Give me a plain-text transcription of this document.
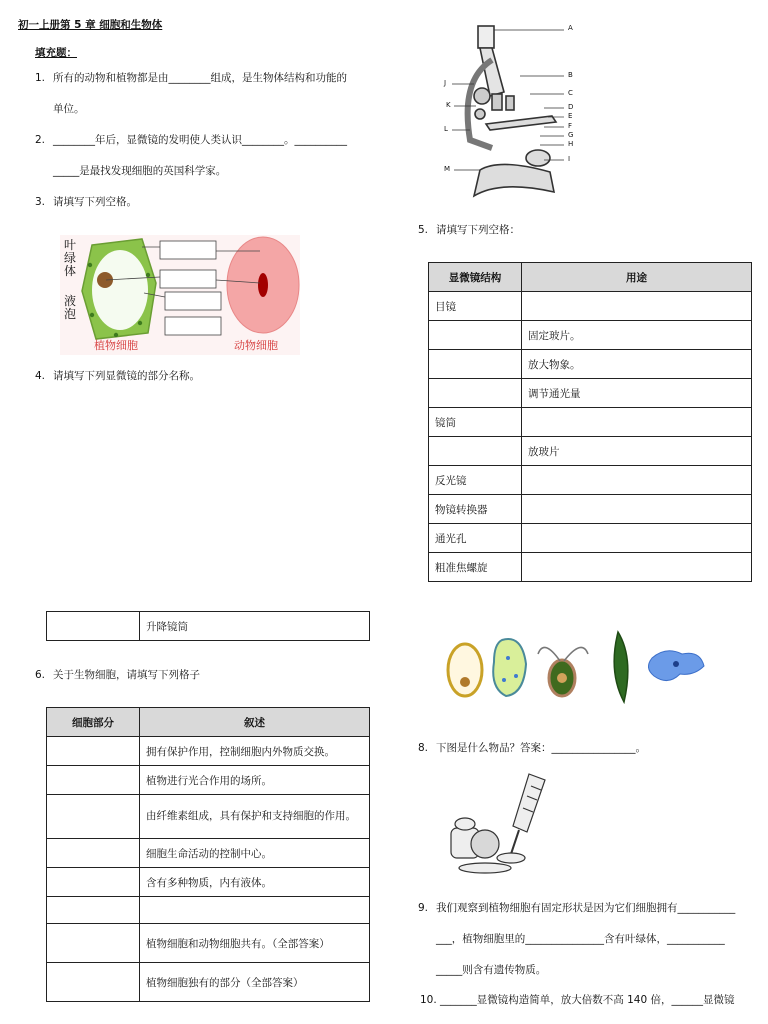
初一上册第 5 章 细胞和生物体
填充题：
1. 所有的动物和植物都是由________组成，是生物体结构和功能的
单位。
2. ________年后，显微镜的发明使人类认识________。__________
_____是最找发现细胞的英国科学家。
3. 请填写下列空格。
叶
绿
体
液
泡
植物细胞	动物细胞
4. 请填写下列显微镜的部分名称。
A
B
C
D
E
F
G
H
I
J
K
L
M
5. 请填写下列空格：
显微镜结构	用途
目镜	
	固定玻片。
	放大物象。
	调节通光量
镜筒	
	放玻片
反光镜	
物镜转换器	
通光孔	
粗准焦螺旋	
	升降镜筒
6. 关于生物细胞，请填写下列格子
细胞部分	叙述
	拥有保护作用，控制细胞内外物质交换。
	植物进行光合作用的场所。
	由纤维素组成，具有保护和支持细胞的作用。
	细胞生命活动的控制中心。
	含有多种物质，内有液体。

	植物细胞和动物细胞共有。（全部答案）
	植物细胞独有的部分（全部答案）
8. 下图是什么物品？答案：________________。
9. 我们观察到植物细胞有固定形状是因为它们细胞拥有___________
___，植物细胞里的_______________含有叶绿体，___________
_____则含有遗传物质。
10. _______显微镜构造简单，放大倍数不高 140 倍，______显微镜
